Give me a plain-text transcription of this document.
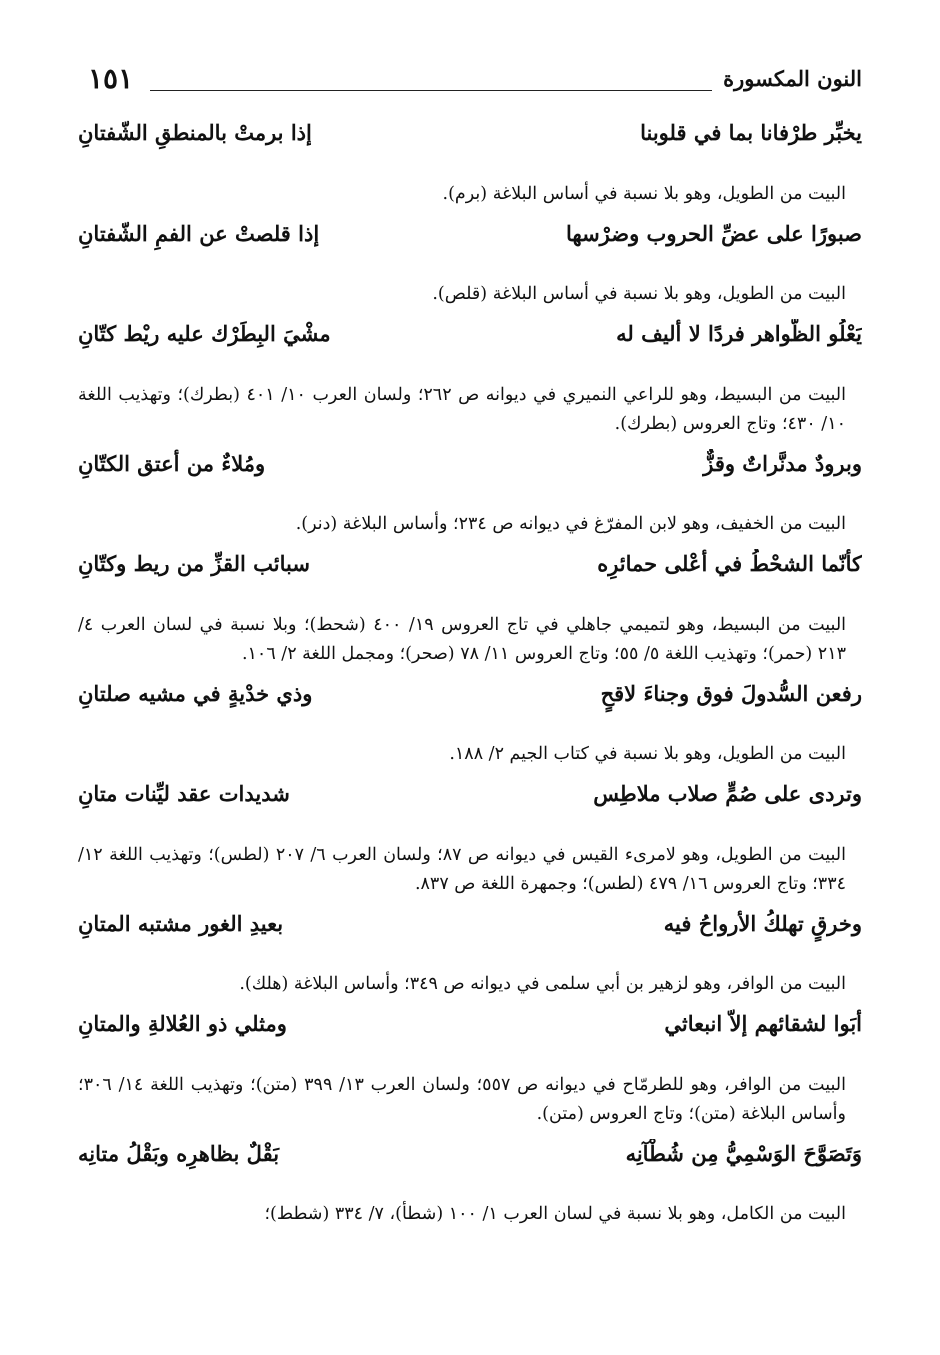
النون المكسورة
١٥١
يخبِّر طرْفانا بما في قلوبنا
إذا برمتْ بالمنطقِ الشّفتانِ

البيت من الطويل، وهو بلا نسبة في أساس البلاغة (برم).

صبورًا على عضِّ الحروب وضرْسها
إذا قلصتْ عن الفمِ الشّفتانِ

البيت من الطويل، وهو بلا نسبة في أساس البلاغة (قلص).

يَعْلُو الظّواهر فردًا لا أليف له
مشْيَ البِطَرْك عليه ريْط كتّانِ

البيت من البسيط، وهو للراعي النميري في ديوانه ص ٢٦٢؛ ولسان العرب ١٠/ ٤٠١ (بطرك)؛ وتهذيب اللغة ١٠/ ٤٣٠؛ وتاج العروس (بطرك).

وبرودٌ مدنَّراتٌ وقزٌّ
ومُلاءٌ من أعتق الكتّانِ

البيت من الخفيف، وهو لابن المفرّغ في ديوانه ص ٢٣٤؛ وأساس البلاغة (دنر).

كأنّما الشحْطُ في أعْلى حمائرِه
سبائب القزِّ من ريط وكتّانِ

البيت من البسيط، وهو لتميمي جاهلي في تاج العروس ١٩/ ٤٠٠ (شحط)؛ وبلا نسبة في لسان العرب ٤/ ٢١٣ (حمر)؛ وتهذيب اللغة ٥/ ٥٥؛ وتاج العروس ١١/ ٧٨ (صحر)؛ ومجمل اللغة ٢/ ١٠٦.

رفعن السُّدولَ فوق وجناءَ لاقحٍ
وذي خدْيةٍ في مشيه صلتانِ

البيت من الطويل، وهو بلا نسبة في كتاب الجيم ٢/ ١٨٨.

وتردى على صُمٍّ صلاب ملاطِس
شديدات عقد ليِّنات متانِ

البيت من الطويل، وهو لامرىء القيس في ديوانه ص ٨٧؛ ولسان العرب ٦/ ٢٠٧ (لطس)؛ وتهذيب اللغة ١٢/ ٣٣٤؛ وتاج العروس ١٦/ ٤٧٩ (لطس)؛ وجمهرة اللغة ص ٨٣٧.

وخرقٍ تهلكُ الأرواحُ فيه
بعيدِ الغور مشتبه المتانِ

البيت من الوافر، وهو لزهير بن أبي سلمى في ديوانه ص ٣٤٩؛ وأساس البلاغة (هلك).

أبَوا لشقائهم إلاّ انبعاثي
ومثلي ذو العُلالةِ والمتانِ

البيت من الوافر، وهو للطرمّاح في ديوانه ص ٥٥٧؛ ولسان العرب ١٣/ ٣٩٩ (متن)؛ وتهذيب اللغة ١٤/ ٣٠٦؛ وأساس البلاغة (متن)؛ وتاج العروس (متن).

وَتَصَوَّحَ الوَسْمِيُّ مِن شُطْآنِه
بَقْلٌ بظاهرِه وبَقْلُ متانِه

البيت من الكامل، وهو بلا نسبة في لسان العرب ١/ ١٠٠ (شطأ)، ٧/ ٣٣٤ (شطط)؛
